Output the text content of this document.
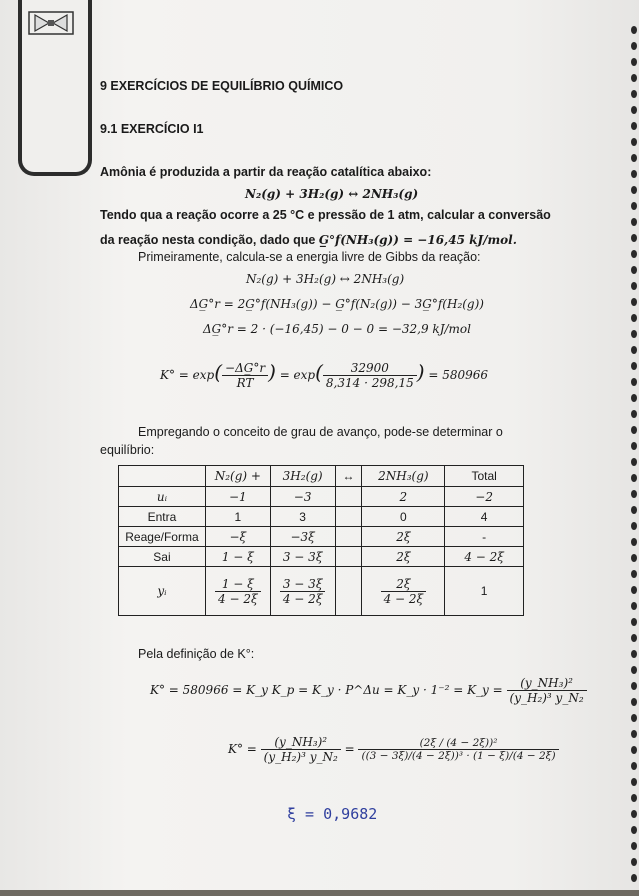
9 EXERCÍCIOS DE EQUILÍBRIO QUÍMICO
9.1 EXERCÍCIO I1
Amônia é produzida a partir da reação catalítica abaixo:
N₂(g) + 3H₂(g) ↔ 2NH₃(g)
Tendo qua a reação ocorre a 25 °C e pressão de 1 atm, calcular a conversão
da reação nesta condição, dado que G̲°f(NH₃(g)) = −16,45 kJ/mol.
Primeiramente, calcula-se a energia livre de Gibbs da reação:
N₂(g) + 3H₂(g) ↔ 2NH₃(g)
ΔG̲°r = 2G̲°f(NH₃(g)) − G̲°f(N₂(g)) − 3G̲°f(H₂(g))
ΔG̲°r = 2 · (−16,45) − 0 − 0 = −32,9 kJ/mol
$K^\circ = \exp( \frac{-\Delta G̲^\circ r}{RT}$ ) = $\exp( \frac{32900}{8,314 \cdot 298,15}$ ) = 580966
Empregando o conceito de grau de avanço, pode-se determinar o
equilíbrio:
	N₂(g) +	3H₂(g)	↔	2NH₃(g)	Total
uᵢ	−1	−3		2	−2
Entra	1	3		0	4
Reage/Forma	−ξ	−3ξ		2ξ	-
Sai	1 − ξ	3 − 3ξ		2ξ	4 − 2ξ
yᵢ	$\frac{1 - \xi}{4 - 2\xi}$	$\frac{3 - 3\xi}{4 - 2\xi}$		$\frac{2\xi}{4 - 2\xi}$	1
Pela definição de K°:
K° = 580966 = K_y K_p = K_y · P^Δu = K_y · 1⁻² = K_y = $\frac{\text{(y\_NH₃)²}}{\text{(y\_H₂)³ y\_N₂}}$
$K^\circ = \frac{\text{(y\_NH₃)²}}{\text{(y\_H₂)³ y\_N₂}} = \frac{\text{(2ξ / (4 − 2ξ))²}}{\text{((3 − 3ξ)/(4 − 2ξ))³ · (1 − ξ)/(4 − 2ξ)}}$
ξ = 0,9682
